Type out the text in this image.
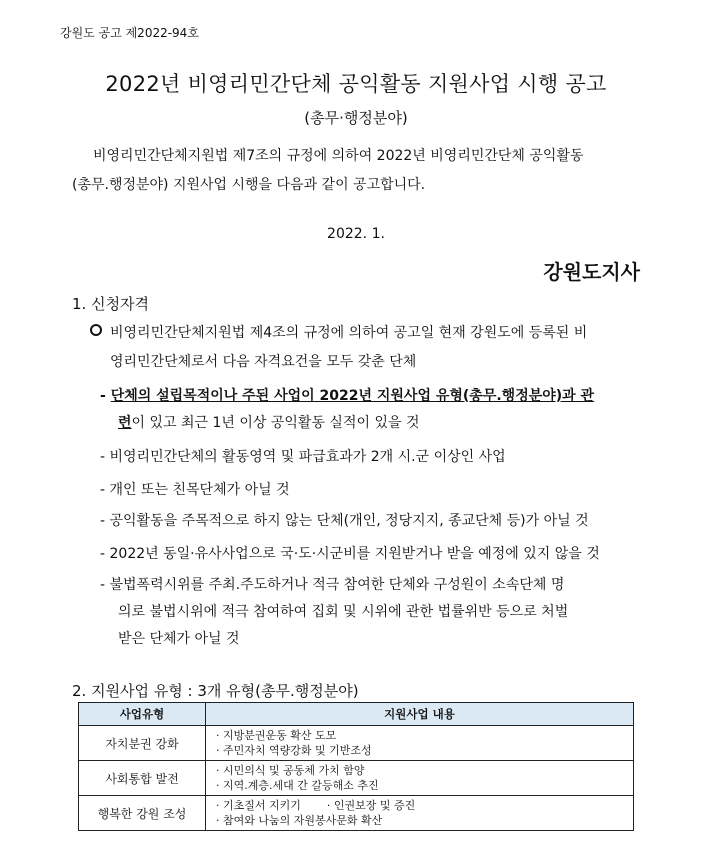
강원도 공고 제2022-94호
2022년 비영리민간단체 공익활동 지원사업 시행 공고
(총무·행정분야)
비영리민간단체지원법 제7조의 규정에 의하여 2022년 비영리민간단체 공익활동
(총무.행정분야) 지원사업 시행을 다음과 같이 공고합니다.
2022. 1.
강원도지사
1. 신청자격
비영리민간단체지원법 제4조의 규정에 의하여 공고일 현재 강원도에 등록된 비
영리민간단체로서 다음 자격요건을 모두 갖춘 단체
- 단체의 설립목적이나 주된 사업이 2022년 지원사업 유형(총무.행정분야)과 관
련이 있고 최근 1년 이상 공익활동 실적이 있을 것
- 비영리민간단체의 활동영역 및 파급효과가 2개 시.군 이상인 사업
- 개인 또는 친목단체가 아닐 것
- 공익활동을 주목적으로 하지 않는 단체(개인, 정당지지, 종교단체 등)가 아닐 것
- 2022년 동일·유사사업으로 국·도·시군비를 지원받거나 받을 예정에 있지 않을 것
- 불법폭력시위를 주최.주도하거나 적극 참여한 단체와 구성원이 소속단체 명
의로 불법시위에 적극 참여하여 집회 및 시위에 관한 법률위반 등으로 처벌
받은 단체가 아닐 것
2. 지원사업 유형 : 3개 유형(총무.행정분야)
사업유형	지원사업 내용
자치분권 강화	· 지방분권운동 확산 도모
· 주민자치 역량강화 및 기반조성

사회통합 발전	· 시민의식 및 공동체 가치 함양
· 지역.계층.세대 간 갈등해소 추진

행복한 강원 조성	· 기초질서 지키기 · 인권보장 및 증진
· 참여와 나눔의 자원봉사문화 확산
